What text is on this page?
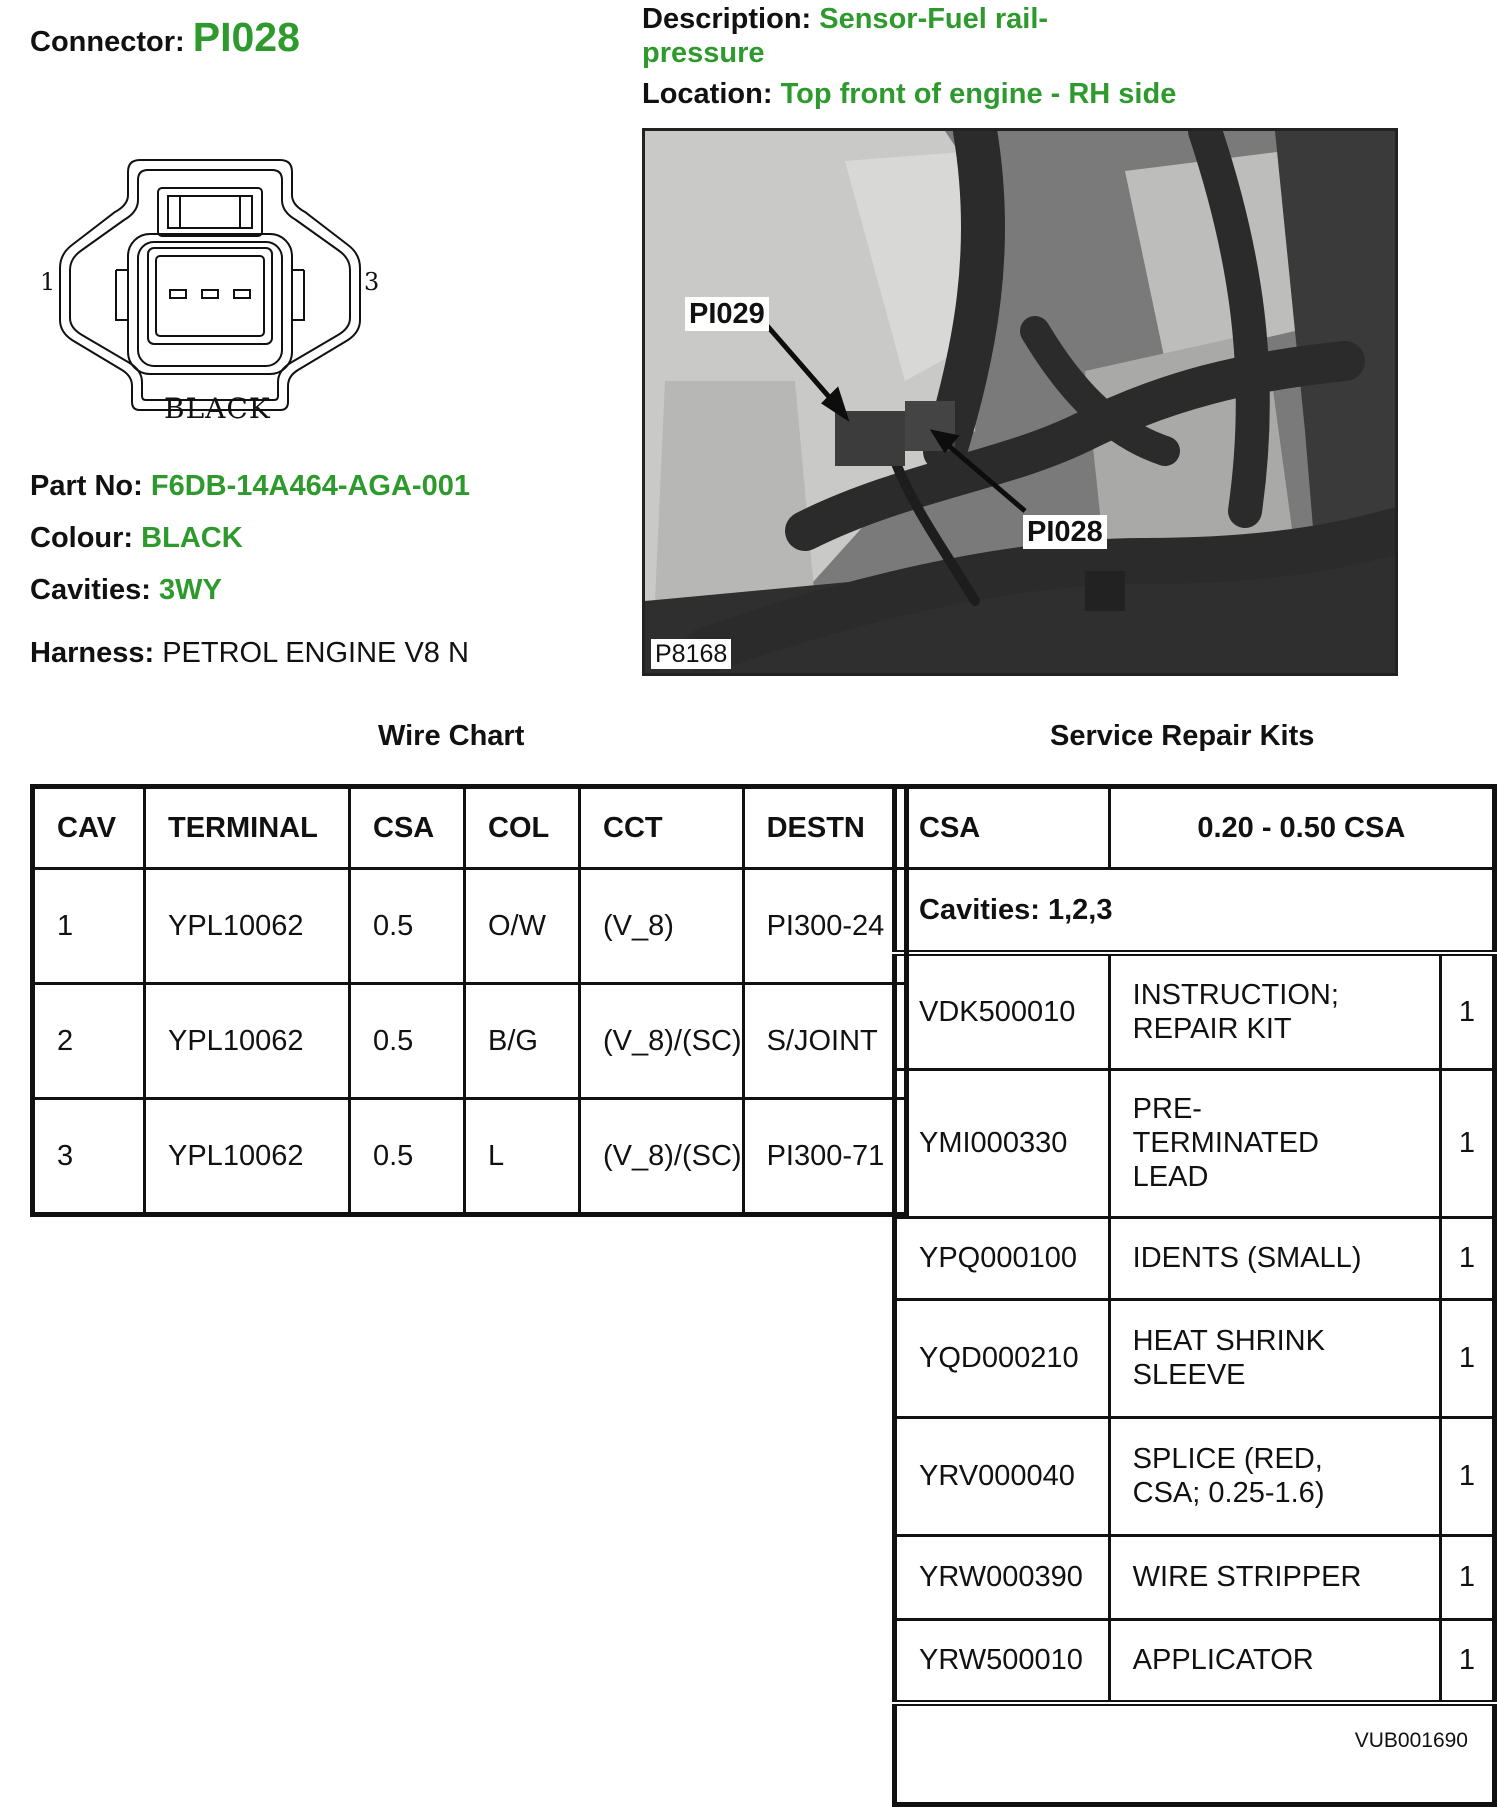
Connector: PI028	Description: Sensor-Fuel rail-pressure
Location: Top front of engine - RH side
1	3
BLACK
Part No: F6DB-14A464-AGA-001
Colour: BLACK
Cavities: 3WY
Harness: PETROL ENGINE V8 N
PI029
PI028
P8168
Wire Chart	Service Repair Kits
CAV	TERMINAL	CSA	COL	CCT	DESTN
1	YPL10062	0.5	O/W	(V_8)	PI300-24
2	YPL10062	0.5	B/G	(V_8)/(SC)	S/JOINT
3	YPL10062	0.5	L	(V_8)/(SC)	PI300-71
CSA	0.20 - 0.50 CSA	
Cavities: 1,2,3		
VDK500010	INSTRUCTION; REPAIR KIT	1
YMI000330	PRE-TERMINATED LEAD	1
YPQ000100	IDENTS (SMALL)	1
YQD000210	HEAT SHRINK SLEEVE	1
YRV000040	SPLICE (RED, CSA; 0.25-1.6)	1
YRW000390	WIRE STRIPPER	1
YRW500010	APPLICATOR	1
VUB001690		
